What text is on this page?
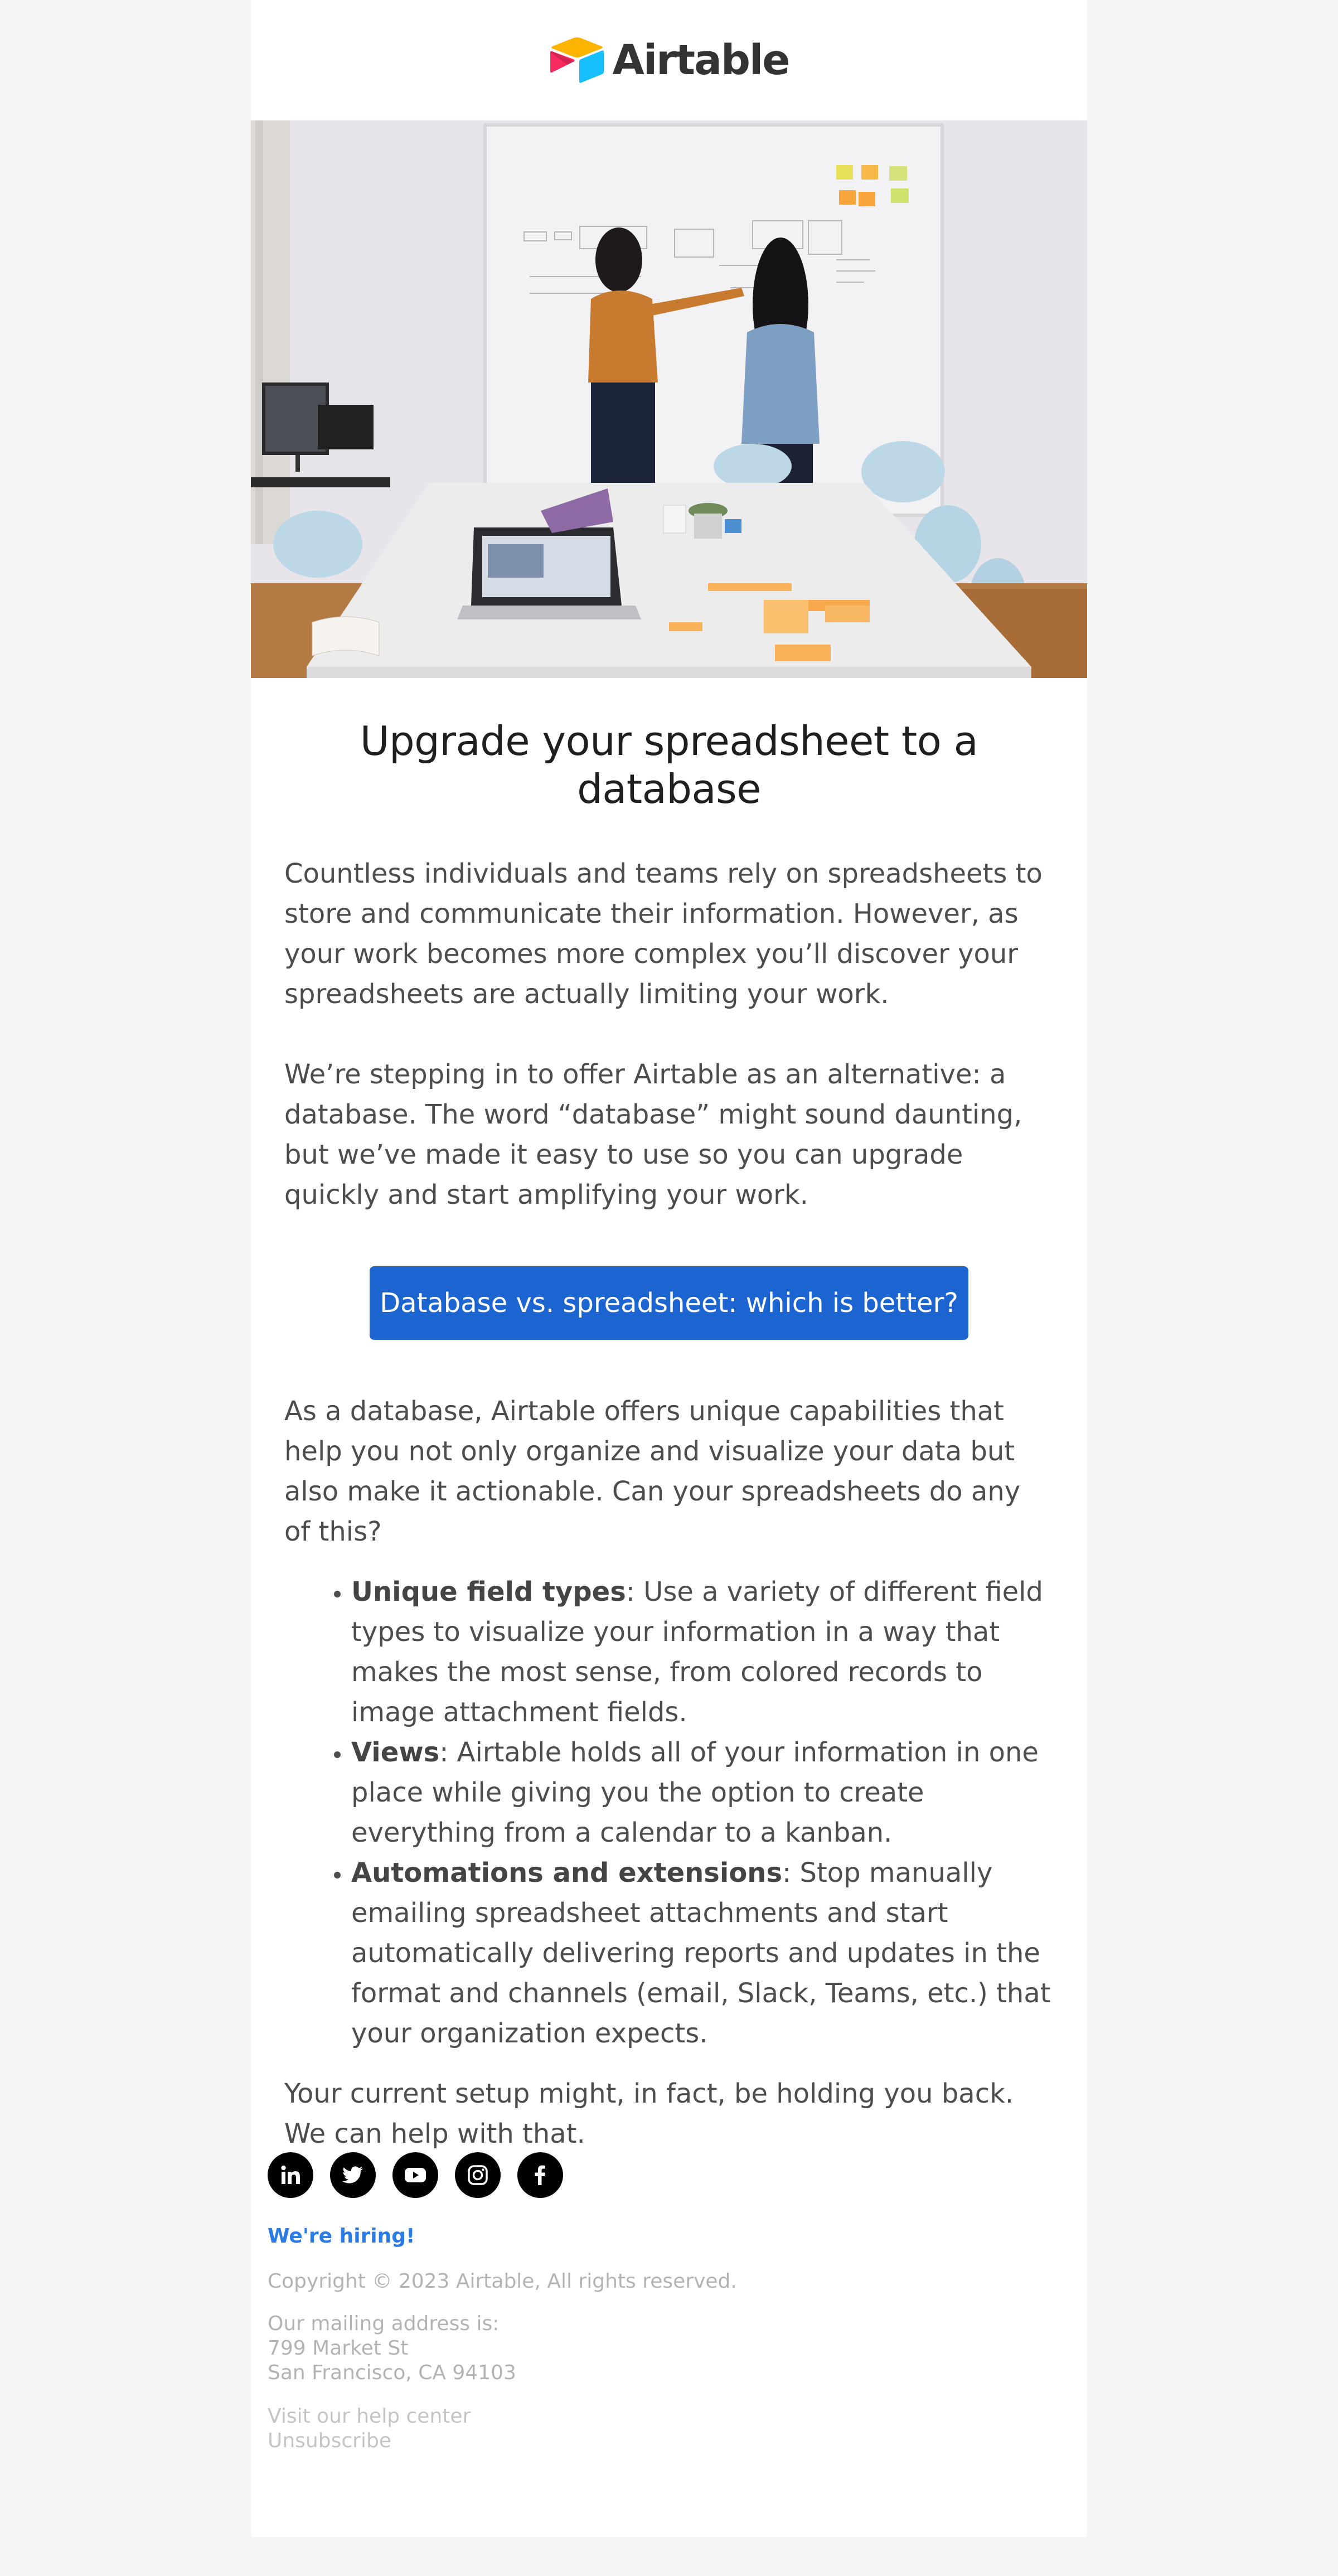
Airtable
Upgrade your spreadsheet to a database

Countless individuals and teams rely on spreadsheets to store and communicate their information. However, as your work becomes more complex you’ll discover your spreadsheets are actually limiting your work.

We’re stepping in to offer Airtable as an alternative: a database. The word “database” might sound daunting, but we’ve made it easy to use so you can upgrade quickly and start amplifying your work.

Database vs. spreadsheet: which is better?

As a database, Airtable offers unique capabilities that help you not only organize and visualize your data but also make it actionable. Can your spreadsheets do any of this?

• Unique field types: Use a variety of different field types to visualize your information in a way that makes the most sense, from colored records to image attachment fields.
• Views: Airtable holds all of your information in one place while giving you the option to create everything from a calendar to a kanban.
• Automations and extensions: Stop manually emailing spreadsheet attachments and start automatically delivering reports and updates in the format and channels (email, Slack, Teams, etc.) that your organization expects.

Your current setup might, in fact, be holding you back. We can help with that.

We're hiring!
Copyright © 2023 Airtable, All rights reserved.
Our mailing address is:
799 Market St
San Francisco, CA 94103
Visit our help center
Unsubscribe
